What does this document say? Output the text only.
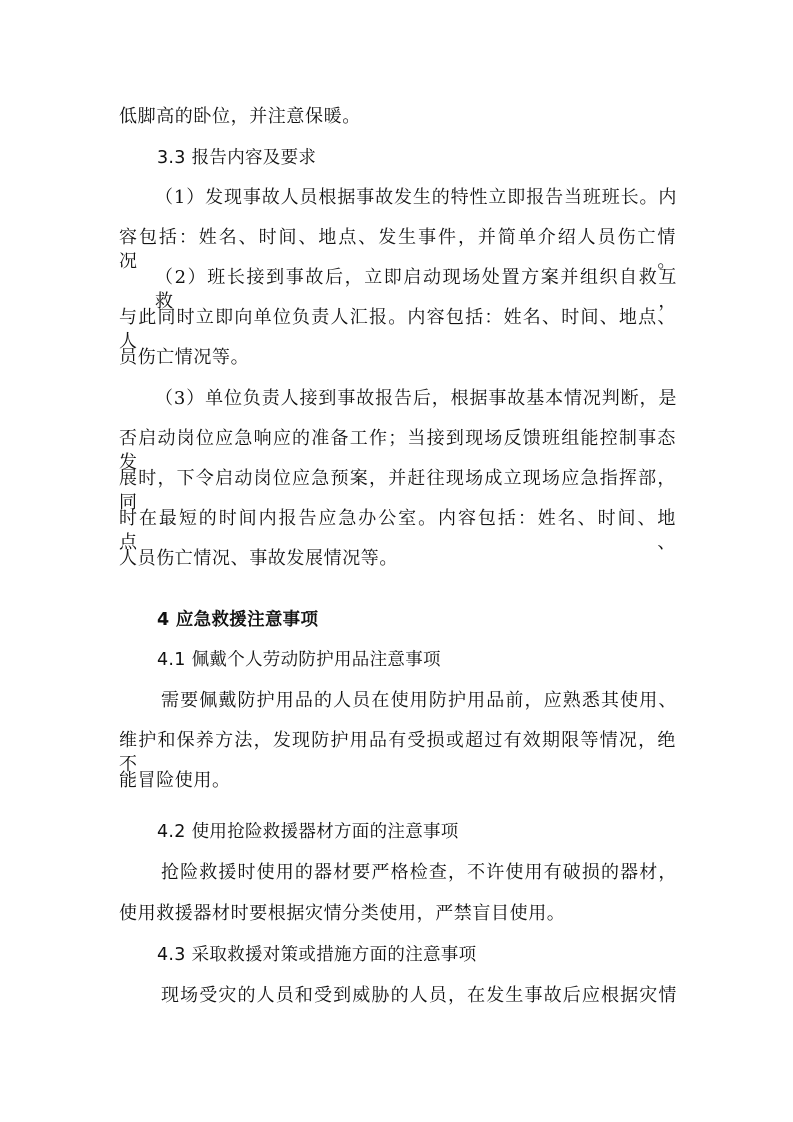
低脚高的卧位，并注意保暖。
3.3 报告内容及要求
（1）发现事故人员根据事故发生的特性立即报告当班班长。内
容包括：姓名、时间、地点、发生事件，并简单介绍人员伤亡情况。
（2）班长接到事故后，立即启动现场处置方案并组织自救互救，
与此同时立即向单位负责人汇报。内容包括：姓名、时间、地点、人
员伤亡情况等。
（3）单位负责人接到事故报告后，根据事故基本情况判断，是
否启动岗位应急响应的准备工作；当接到现场反馈班组能控制事态发
展时，下令启动岗位应急预案，并赶往现场成立现场应急指挥部，同
时在最短的时间内报告应急办公室。内容包括：姓名、时间、地点、
人员伤亡情况、事故发展情况等。
4 应急救援注意事项
4.1 佩戴个人劳动防护用品注意事项
需要佩戴防护用品的人员在使用防护用品前，应熟悉其使用、
维护和保养方法，发现防护用品有受损或超过有效期限等情况，绝不
能冒险使用。
4.2 使用抢险救援器材方面的注意事项
抢险救援时使用的器材要严格检查，不许使用有破损的器材，
使用救援器材时要根据灾情分类使用，严禁盲目使用。
4.3 采取救援对策或措施方面的注意事项
现场受灾的人员和受到威胁的人员，在发生事故后应根据灾情
